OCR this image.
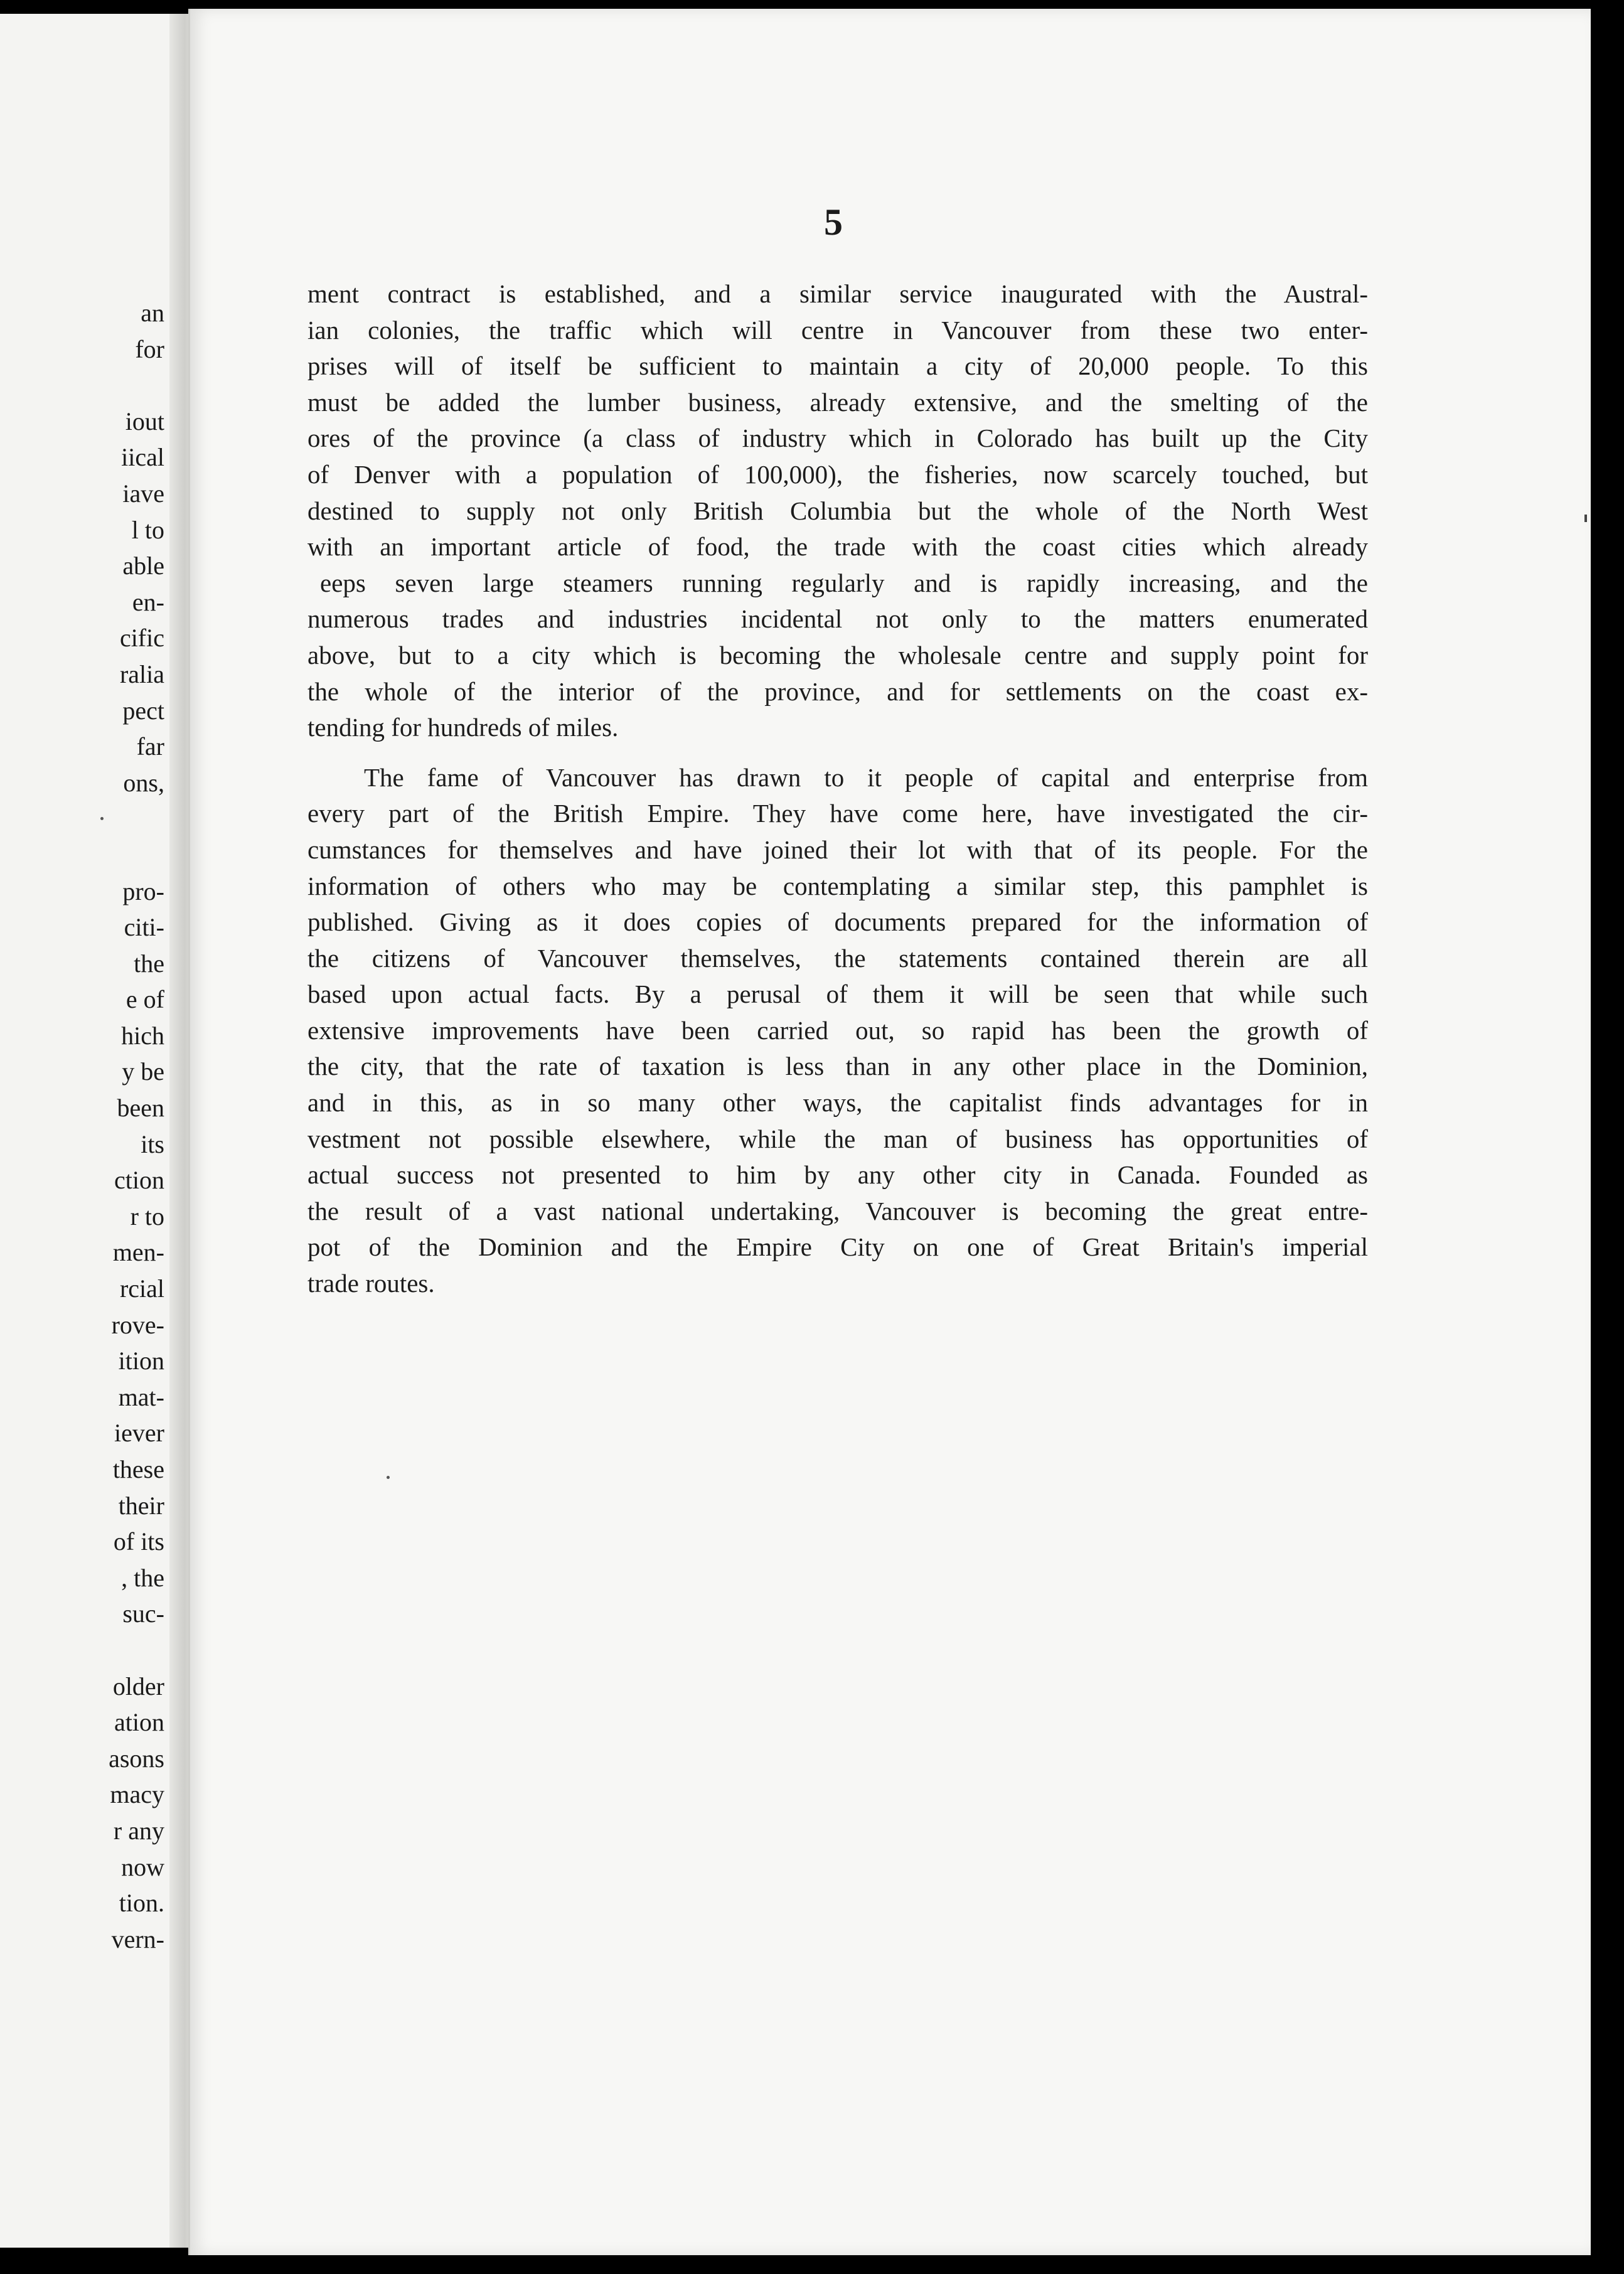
an
for
iout
iical
iave
l to
able
en-
cific
ralia
pect
far
ons,
pro-
citi-
the
e of
hich
y be
been
its
ction
r to
men-
rcial
rove-
ition
mat-
iever
these
their
of its
, the
suc-
older
ation
asons
macy
r any
now
tion.
vern-
5
ment contract is established, and a similar service inaugurated with the Austral-
ian colonies, the traffic which will centre in Vancouver from these two enter-
prises will of itself be sufficient to maintain a city of 20,000 people. To this
must be added the lumber business, already extensive, and the smelting of the
ores of the province (a class of industry which in Colorado has built up the City
of Denver with a population of 100,000), the fisheries, now scarcely touched, but
destined to supply not only British Columbia but the whole of the North West
with an important article of food, the trade with the coast cities which already
eeps seven large steamers running regularly and is rapidly increasing, and the
numerous trades and industries incidental not only to the matters enumerated
above, but to a city which is becoming the wholesale centre and supply point for
the whole of the interior of the province, and for settlements on the coast ex-
tending for hundreds of miles.
The fame of Vancouver has drawn to it people of capital and enterprise from
every part of the British Empire. They have come here, have investigated the cir-
cumstances for themselves and have joined their lot with that of its people. For the
information of others who may be contemplating a similar step, this pamphlet is
published. Giving as it does copies of documents prepared for the information of
the citizens of Vancouver themselves, the statements contained therein are all
based upon actual facts. By a perusal of them it will be seen that while such
extensive improvements have been carried out, so rapid has been the growth of
the city, that the rate of taxation is less than in any other place in the Dominion,
and in this, as in so many other ways, the capitalist finds advantages for in
vestment not possible elsewhere, while the man of business has opportunities of
actual success not presented to him by any other city in Canada. Founded as
the result of a vast national undertaking, Vancouver is becoming the great entre-
pot of the Dominion and the Empire City on one of Great Britain's imperial
trade routes.
